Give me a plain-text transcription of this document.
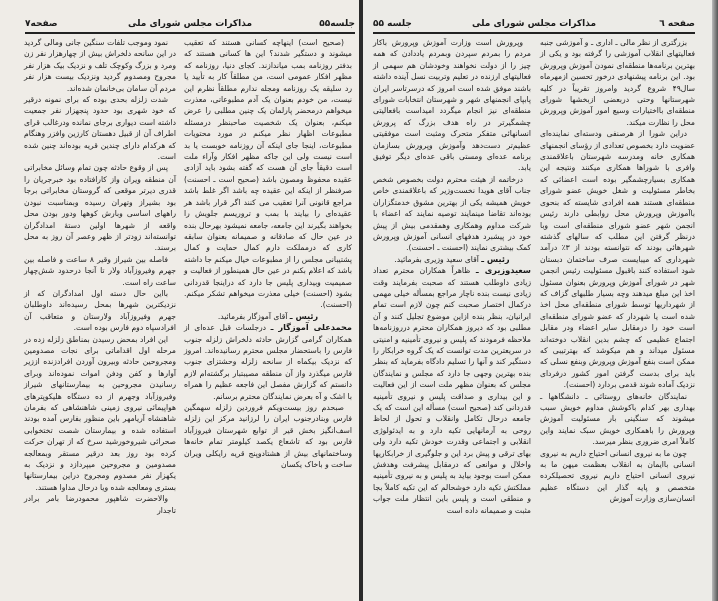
جلسه۵۵
مذاکرات مجلس شورای ملی
صفحه۷

(صحیح است) اینهاچه کسانی هستند که تعقیب میشوند و دستگیر شدند؟ این ها کسانی هستند که بدفتر روزنامه بمب میاندازند. کجای دنیا، روزنامه که مظهر افکار عمومی است، من مطلقاً کار به تأیید یا رد سلیقه یک روزنامه ومجله ندارم مطلقاً نظرم این نیست، من خودم بعنوان یک آدم مطبوعاتی، معذرت میخواهم درمحضر پارلمان یک چنین مطلبی را عرض میکنم، بعنوان یک شخصیت صاحبنظر درمسئله مطبوعات اظهار نظر میکنم در مورد محتویات مطبوعات، اینجا جای اینکه آن روزنامه خوبست یا بد است نیست ولی این جاکه مظهر افکار وآراء ملت است دقیقاً جای آن هست که گفته بشود باید آزادی عقیده محفوظ ومصون باشد (صحیح است ـ احسنت) صرفنظر از اینکه این عقیده چه باشد اگر غلط باشد مراجع قانونی آنرا تعقیب می کنند اگر قرار باشد هر عقیده‌ای را بیایند با بمب و تروریسم جلویش را بخواهند بگیرند این جامعه، جامعه نمیشود بهرحال بنده در عین حال که صادقانه و صمیمانه بعنوان سابقه کاری که درمملکت دارم کمال حمایت و کمال پشتیبانی مجلس را از مطبوعات خیال میکنم جا داشته باشد که اعلام بکنم در عین حال همینطور از فعالیت و صمیمیت وبیداری پلیس جا دارد که دراینجا قدردانی بشود (احسنت) خیلی معذرت میخواهم تشکر میکنم. (احسنت).

رئیس ـ آقای آموزگار بفرمائید.

محمدعلی آموزگار ـ درجلسات قبل عده‌ای از همکاران گرامی گزارش حادثه دلخراش زلزله جنوب فارس را باستحضار مجلس محترم رسانیده‌اند. امروز که نزدیک بیکماه از سانحه زلزله وحشتزای جنوب فارس میگذرد واز آن منطقه مصیبتبار برگشته‌ام لازم دانستم که گزارش مفصل این فاجعه عظیم را همراه با اشک و آه بعرض نمایندگان محترم برسانم.

صبحدم روز بیست‌ویکم فروردین زلزله سهمگین فارس وبنادرجنوب ایران را لرزانید مرکز این زلزله اسف‌انگیز بخش قیر از توابع شهرستان فیروزآباد فارس بود که تاشعاع یکصد کیلومتر تمام خانه‌ها وساختمانهای بیش از هشتادوپنج قریه رایکلی ویران ساخت و باخاک یکسان

نمود وموجب تلفات سنگین جانی ومالی گردید در این سانحه دلخراش بیش از چهارهزار نفر زن ومرد و بزرگ وکوچک تلف و نزدیک بیک هزار نفر مجروح ومصدوم گردید ونزدیک بیست هزار نفر مردم آن سامان بی‌خانمان شده‌اند.

شدت زلزله بحدی بوده که برای نمونه درقیر که خود شهری بود حدود پنجهزار نفر جمعیت داشته است دیواری برجای نمانده ودرغالب قرای اطراف آن از قبیل دهستان کارزین وافزر وهنگام که هرکدام دارای چندین قریه بوده‌اند چنین شده است.

پس از وقوع حادثه چون تمام وسائل مخابراتی آن منطقه ویران واز کارافتاده بود خبرجریان را قدری دیرتر موقعی که گروستان مخابراتی برجا بود بشیراز وتهران رسیده وبمناسبت نبودن راههای اساسی وبارش کوهها ودور بودن محل واقعه از شهرها اولین دستهٔ امدادگران توانسته‌اند زودتر از ظهر وعصر آن روز به محل برسند.

فاصله بین شیراز وقیر ۸ ساعت و فاصله بین جهرم وفیروزآباد ولار تا آنجا درحدود شش‌چهار ساعت راه است.

بااین حال دسته اول امدادگران که از نزدیکترین شهرها بمحل رسیده‌اند داوطلبان جهرم وفیروزآباد ولارستان و متعاقب آن افرادسپاه دوم فارس بوده است.

این افراد بمحض رسیدن بمناطق زلزله زده در مرحله اول اقداماتی برای نجات مصدومین ومجروحین حادثه وبیرون آوردن افرادزنده اززیر آوارها و کفن ودفن اموات نموده‌اند وبرای رسانیدن مجروحین به بیمارستانهای شیراز وفیروزآباد وجهرم از ده دستگاه هلیکوپترهای هواپیمائی نیروی زمینی شاهنشاهی که بفرمان شاهنشاه آریامهر باین منظور بفارس آمده بودند استفاده شده و بیمارستان شصت تختخوابی صحرائی شیروخورشید سرخ که از تهران حرکت کرده بود روز بعد درقیر مستقر وبمعالجه مصدومین و مجروحین میپردازد و نزدیک به یکهزار نفر مصدوم ومجروح دراین بیمارستانها بستری ومعالجه شده ویا درحال مداوا هستند.

والاحضرت شاهپور محمودرضا بامر برادر تاجدار

صفحه ٦
مذاکرات مجلس شورای ملی
جلسه ۵۵

بزرگتری از نظر مالی ـ اداری ـ و آموزشی جنبه فعالیتهای انقلاب آموزشی را گرفته بود و یکی از بهترین برنامه‌ها منطقه‌ای نمودن آموزش وپرورش بود. این برنامه پیشنهادی درخور تحسین ازمهرماه سال۴۹ شروع گردید وامروز تقریباً در کلیه شهرستانها وحتی دربعضی ازبخشها شورای منطقه‌ای بااختیارات وسیع امور آموزش وپرورش محل را نظارت میکند.

دراین شورا از هرصنفی ودسته‌ای نماینده‌ای عضویت دارد بخصوص تعدادی از رؤسای انجمنهای همکاری خانه ومدرسه شهرستان باعلاقمندی وافری با شوراها همکاری میکنند ونتیجه این همکاری بسیارچشمگیر بوده است اعضائی که بخاطر مسئولیت و شغل خویش عضو شورای منطقه‌ای هستند همه افرادی شایسته که بنحوی باآموزش وپرورش محل روابطی دارند رئیس انجمن شهر عضو شورای منطقه‌ای است وبا درنظر گرفتن این مطلب که سالهای گذشته شهرهائی بودند که نتوانسته بودند از ۳٪ درآمد شهرداری که میبایست صرف ساختمان دبستان شود استفاده کنند باقبول مسئولیت رئیس انجمن شهر در شورای آموزش وپرورش بعنوان مسئول اخذ این مبلغ میدهند وچه بسیار طلبهای گزاف که از شهرداریها توسط شورای منطقه‌ای محل اخذ شده است یا شهردار که عضو شورای منطقه‌ای است خود را درمقابل سایر اعضاء ودر مقابل اجتماع عظیمی که چشم بدین انقلاب دوخته‌اند مسئول میداند و هم میکوشد که بهترتیبی که ممکن است بنفع آموزش وپرورش وبنفع نسلی که باید برای بدست گرفتن امور کشور درفردای نزدیک آماده شوند قدمی بردارد (احسنت).

نمایندگان خانه‌های روستائی ـ دانشگاهها ـ بهداری بهر کدام باکوشش مداوم خویش سبب میشوند که سنگینی بار مسئولیت آموزش وپرورش را باهمکاری خویش سبک نمایند واین کاملاً امری ضروری بنظر میرسد.

چون ما به نیروی انسانی احتیاج داریم به نیروی انسانی باایمان به انقلاب بعظمت میهن ما به نیروی انسانی احتیاج داریم نیروی تحصیلکرده متخصص و پایه گذار این دستگاه عظیم انسان‌سازی وزارت آموزش

وپرورش است وزارت آموزش وپرورش باکار مردم را بمردم سپردن وبمردم یاددادن که همه چیز را از دولت نخواهند وخودشان هم سهمی از فعالیتهای ارزنده در تعلیم وتربیت نسل آینده داشته باشند موفق شده است امروز که درسرتاسر ایران پابپای انجمنهای شهر و شهرستان انتخابات شورای منطقه‌ای نیز انجام میگردد امیداست بافعالیتی چشمگیرتر در راه هدف بزرگ که پرورش انسانهائی متفکر متحرک ومثبت است موفقیتی عظیم‌تر دست‌دهد وآموزش وپرورش بسازمان برنامه عده‌ای ومستی باقی عده‌ای دیگر توفیق یابد.

درخاتمه از هیئت محترم دولت بخصوص شخص جناب آقای هویدا نخست‌وزیر که باعلاقمندی خاص خویش همیشه یکی از بهترین مشوق خدمتگزاران بوده‌اند تقاضا مینمایند توصیه نمایند که اعضاء با شرکت مداوم وهمکاری وهمقدمی بیش از پیش خود در پیشبرد هدفهای انسانی آموزش وپرورش کمک بیشتری نمایند (احسنت ـ احسنت).

رئیس ـ آقای سعید وزیری بفرمائید.

سعیدوزیری ـ ظاهراً همکاران محترم تعداد زیادی داوطلب هستند که صحبت بفرمایند وقت زیادی نیست بنده ناچار مراجع بمسأله خیلی مهمی درکمال اختصار صحبت کنم چون لازم است تمام ایرانیان، بنظر بنده ازاین موضوع تجلیل کنند و آن مطلبی بود که دیروز همکاران محترم درروزنامه‌ها ملاحظه فرمودند که پلیس و نیروی تأمینیه و امنیتی در سریعترین مدت توانست که یک گروه خرابکار را دستگیر کند و آنها را تسلیم دادگاه بفرماید که بنظر بنده بهترین وجهی جا دارد که مجلس و نمایندگان مجلس که بعنوان مظهر ملت است از این فعالیت و این بیداری و صداقت پلیس و نیروی تأمینیه قدردانی کند (صحیح است) مسأله این است که یک جامعه درحال تکامل وانقلاب و تحول از لحاظ روحی به آرمانهایی تکیه دارد و به ایدئولوژی انقلابی و اجتماعی وقدرت خودش تکیه دارد ولی بهای ترقی و پیش برد این و جلوگیری از خرابکاریها واخلال و موانعی که درمقابل پیشرفت وهدفش ممکن است بوجود بیاید به پلیس و به نیروی تأمینیه مملکتش تکیه دارد خوشحالم که این تکیه کاملاً بجا و منطقی است و پلیس باین انتظار ملت جواب مثبت و صمیمانه داده است
